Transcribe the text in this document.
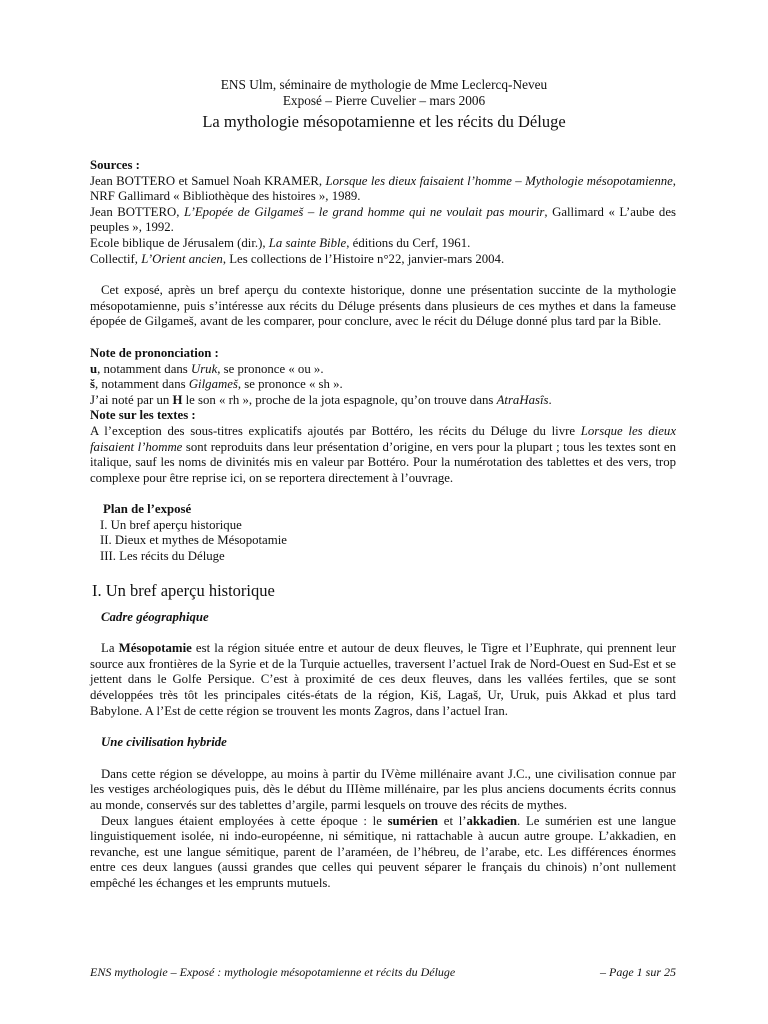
ENS Ulm, séminaire de mythologie de Mme Leclercq-Neveu
Exposé – Pierre Cuvelier – mars 2006
La mythologie mésopotamienne et les récits du Déluge
Sources :
Jean BOTTERO et Samuel Noah KRAMER, Lorsque les dieux faisaient l’homme – Mythologie mésopotamienne, NRF Gallimard « Bibliothèque des histoires », 1989.
Jean BOTTERO, L’Epopée de Gilgameš – le grand homme qui ne voulait pas mourir, Gallimard « L’aube des peuples », 1992.
Ecole biblique de Jérusalem (dir.), La sainte Bible, éditions du Cerf, 1961.
Collectif, L’Orient ancien, Les collections de l’Histoire n°22, janvier-mars 2004.
Cet exposé, après un bref aperçu du contexte historique, donne une présentation succinte de la mythologie mésopotamienne, puis s’intéresse aux récits du Déluge présents dans plusieurs de ces mythes et dans la fameuse épopée de Gilgameš, avant de les comparer, pour conclure, avec le récit du Déluge donné plus tard par la Bible.
Note de prononciation :
u, notamment dans Uruk, se prononce « ou ».
š, notamment dans Gilgameš, se prononce « sh ».
J’ai noté par un H le son « rh », proche de la jota espagnole, qu’on trouve dans AtraHasîs.
Note sur les textes :
A l’exception des sous-titres explicatifs ajoutés par Bottéro, les récits du Déluge du livre Lorsque les dieux faisaient l’homme sont reproduits dans leur présentation d’origine, en vers pour la plupart ; tous les textes sont en italique, sauf les noms de divinités mis en valeur par Bottéro. Pour la numérotation des tablettes et des vers, trop complexe pour être reprise ici, on se reportera directement à l’ouvrage.
Plan de l’exposé
I. Un bref aperçu historique
II. Dieux et mythes de Mésopotamie
III. Les récits du Déluge
I. Un bref aperçu historique
Cadre géographique
La Mésopotamie est la région située entre et autour de deux fleuves, le Tigre et l’Euphrate, qui prennent leur source aux frontières de la Syrie et de la Turquie actuelles, traversent l’actuel Irak de Nord-Ouest en Sud-Est et se jettent dans le Golfe Persique. C’est à proximité de ces deux fleuves, dans les vallées fertiles, que se sont développées très tôt les principales cités-états de la région, Kiš, Lagaš, Ur, Uruk, puis Akkad et plus tard Babylone. A l’Est de cette région se trouvent les monts Zagros, dans l’actuel Iran.
Une civilisation hybride
Dans cette région se développe, au moins à partir du IVème millénaire avant J.C., une civilisation connue par les vestiges archéologiques puis, dès le début du IIIème millénaire, par les plus anciens documents écrits connus au monde, conservés sur des tablettes d’argile, parmi lesquels on trouve des récits de mythes.
Deux langues étaient employées à cette époque : le sumérien et l’akkadien. Le sumérien est une langue linguistiquement isolée, ni indo-européenne, ni sémitique, ni rattachable à aucun autre groupe. L’akkadien, en revanche, est une langue sémitique, parent de l’araméen, de l’hébreu, de l’arabe, etc. Les différences énormes entre ces deux langues (aussi grandes que celles qui peuvent séparer le français du chinois) n’ont nullement empêché les échanges et les emprunts mutuels.
ENS mythologie – Exposé : mythologie mésopotamienne et récits du Déluge	– Page 1 sur 25
